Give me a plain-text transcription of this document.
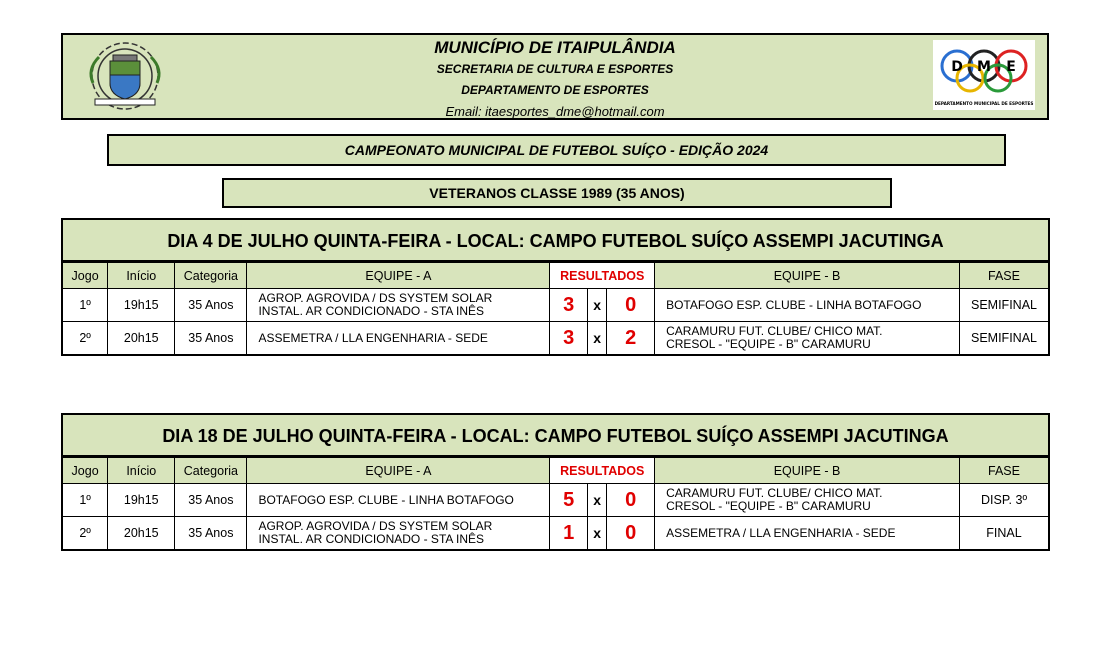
MUNICÍPIO DE ITAIPULÂNDIA
SECRETARIA DE CULTURA E ESPORTES
DEPARTAMENTO DE ESPORTES
Email: itaesportes_dme@hotmail.com
D M E
DEPARTAMENTO MUNICIPAL DE ESPORTES
CAMPEONATO MUNICIPAL DE FUTEBOL SUÍÇO - EDIÇÃO 2024
VETERANOS CLASSE 1989 (35 ANOS)
DIA 4 DE JULHO QUINTA-FEIRA - LOCAL: CAMPO FUTEBOL SUÍÇO ASSEMPI JACUTINGA
Jogo	Início	Categoria	EQUIPE - A	RESULTADOS			EQUIPE - B	FASE
1º	19h15	35 Anos	AGROP. AGROVIDA / DS SYSTEM SOLAR
INSTAL. AR CONDICIONADO - STA INÊS	3	x	0	BOTAFOGO ESP. CLUBE - LINHA BOTAFOGO	SEMIFINAL
2º	20h15	35 Anos	ASSEMETRA / LLA ENGENHARIA - SEDE	3	x	2	CARAMURU FUT. CLUBE/ CHICO MAT.
CRESOL - "EQUIPE - B" CARAMURU	SEMIFINAL
DIA 18 DE JULHO QUINTA-FEIRA - LOCAL: CAMPO FUTEBOL SUÍÇO ASSEMPI JACUTINGA
Jogo	Início	Categoria	EQUIPE - A	RESULTADOS			EQUIPE - B	FASE
1º	19h15	35 Anos	BOTAFOGO ESP. CLUBE - LINHA BOTAFOGO	5	x	0	CARAMURU FUT. CLUBE/ CHICO MAT.
CRESOL - "EQUIPE - B" CARAMURU	DISP. 3º
2º	20h15	35 Anos	AGROP. AGROVIDA / DS SYSTEM SOLAR
INSTAL. AR CONDICIONADO - STA INÊS	1	x	0	ASSEMETRA / LLA ENGENHARIA - SEDE	FINAL
